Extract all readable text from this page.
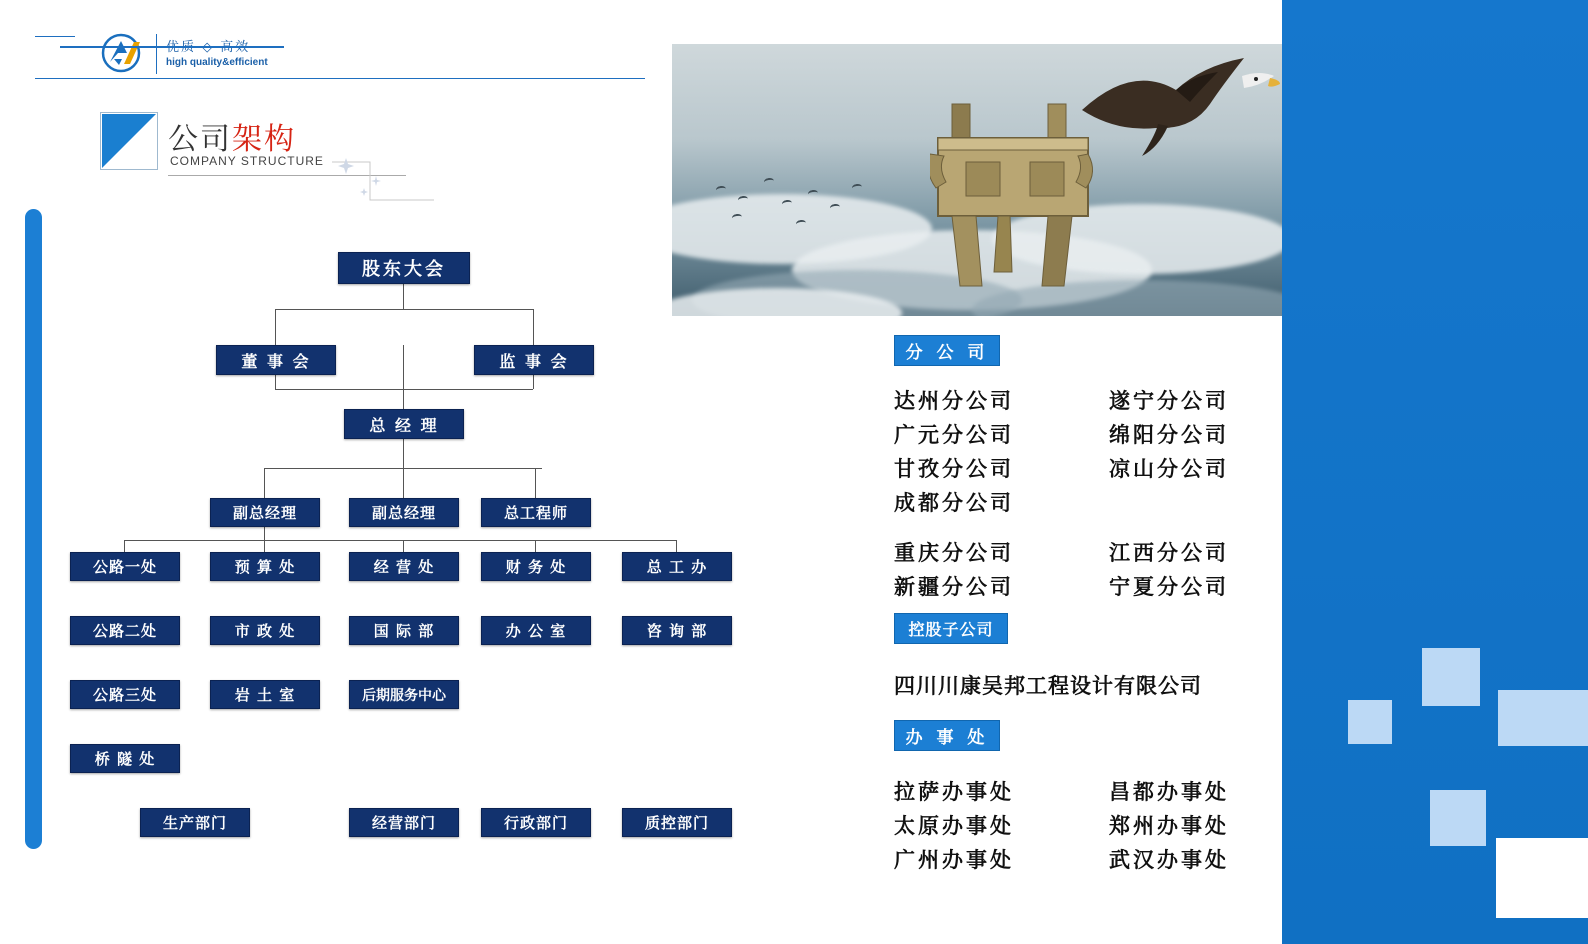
high quality&efficient
公司架构
COMPANY STRUCTURE
股东大会
董 事 会	监 事 会
总 经 理
副总经理	副总经理	总工程师
公路一处	预 算 处	经 营 处	财 务 处	总 工 办
公路二处	市 政 处	国 际 部	办 公 室	咨 询 部
公路三处	岩 土 室	后期服务中心
桥 隧 处
生产部门	经营部门	行政部门	质控部门
分 公 司
达州分公司	遂宁分公司
广元分公司	绵阳分公司
甘孜分公司	凉山分公司
成都分公司
重庆分公司	江西分公司
新疆分公司	宁夏分公司
控股子公司
四川川康吴邦工程设计有限公司
办 事 处
拉萨办事处	昌都办事处
太原办事处	郑州办事处
广州办事处	武汉办事处
